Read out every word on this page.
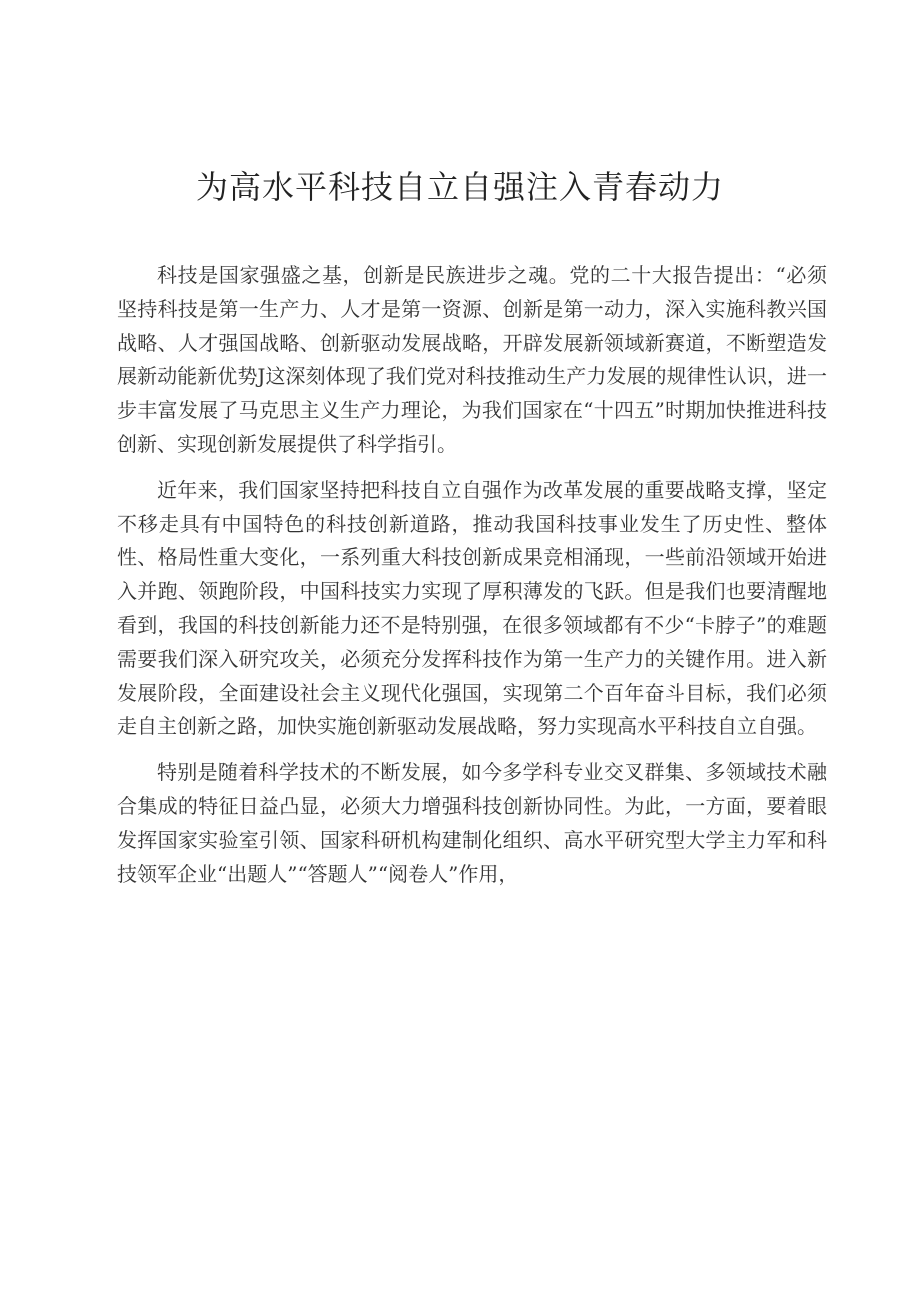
为高水平科技自立自强注入青春动力

科技是国家强盛之基，创新是民族进步之魂。党的二十大报告提出：“必须坚持科技是第一生产力、人才是第一资源、创新是第一动力，深入实施科教兴国战略、人才强国战略、创新驱动发展战略，开辟发展新领域新赛道，不断塑造发展新动能新优势J这深刻体现了我们党对科技推动生产力发展的规律性认识，进一步丰富发展了马克思主义生产力理论，为我们国家在“十四五”时期加快推进科技创新、实现创新发展提供了科学指引。

近年来，我们国家坚持把科技自立自强作为改革发展的重要战略支撑，坚定不移走具有中国特色的科技创新道路，推动我国科技事业发生了历史性、整体性、格局性重大变化，一系列重大科技创新成果竞相涌现，一些前沿领域开始进入并跑、领跑阶段，中国科技实力实现了厚积薄发的飞跃。但是我们也要清醒地看到，我国的科技创新能力还不是特别强，在很多领域都有不少“卡脖子”的难题需要我们深入研究攻关，必须充分发挥科技作为第一生产力的关键作用。进入新发展阶段，全面建设社会主义现代化强国，实现第二个百年奋斗目标，我们必须走自主创新之路，加快实施创新驱动发展战略，努力实现高水平科技自立自强。

特别是随着科学技术的不断发展，如今多学科专业交叉群集、多领域技术融合集成的特征日益凸显，必须大力增强科技创新协同性。为此，一方面，要着眼发挥国家实验室引领、国家科研机构建制化组织、高水平研究型大学主力军和科技领军企业“出题人”“答题人”“阅卷人”作用，
